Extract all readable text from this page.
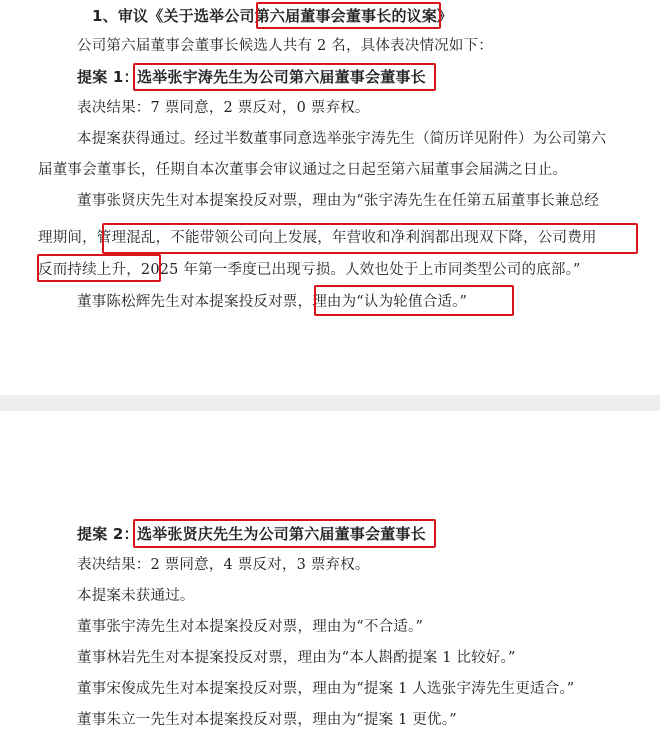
1、审议《关于选举公司第六届董事会董事长的议案》
公司第六届董事会董事长候选人共有 2 名，具体表决情况如下：
提案 1：
选举张宇涛先生为公司第六届董事会董事长
表决结果：7 票同意，2 票反对，0 票弃权。
本提案获得通过。经过半数董事同意选举张宇涛先生（简历详见附件）为公司第六
届董事会董事长，任期自本次董事会审议通过之日起至第六届董事会届满之日止。
董事张贤庆先生对本提案投反对票，理由为“张宇涛先生在任第五届董事长兼总经
理期间，管理混乱，不能带领公司向上发展，年营收和净利润都出现双下降，公司费用
反而持续上升，2025 年第一季度已出现亏损。人效也处于上市同类型公司的底部。”
董事陈松辉先生对本提案投反对票，理由为“认为轮值合适。”
提案 2：
选举张贤庆先生为公司第六届董事会董事长
表决结果：2 票同意，4 票反对，3 票弃权。
本提案未获通过。
董事张宇涛先生对本提案投反对票，理由为“不合适。”
董事林岩先生对本提案投反对票，理由为“本人斟酌提案 1 比较好。”
董事宋俊成先生对本提案投反对票，理由为“提案 1 人选张宇涛先生更适合。”
董事朱立一先生对本提案投反对票，理由为“提案 1 更优。”
